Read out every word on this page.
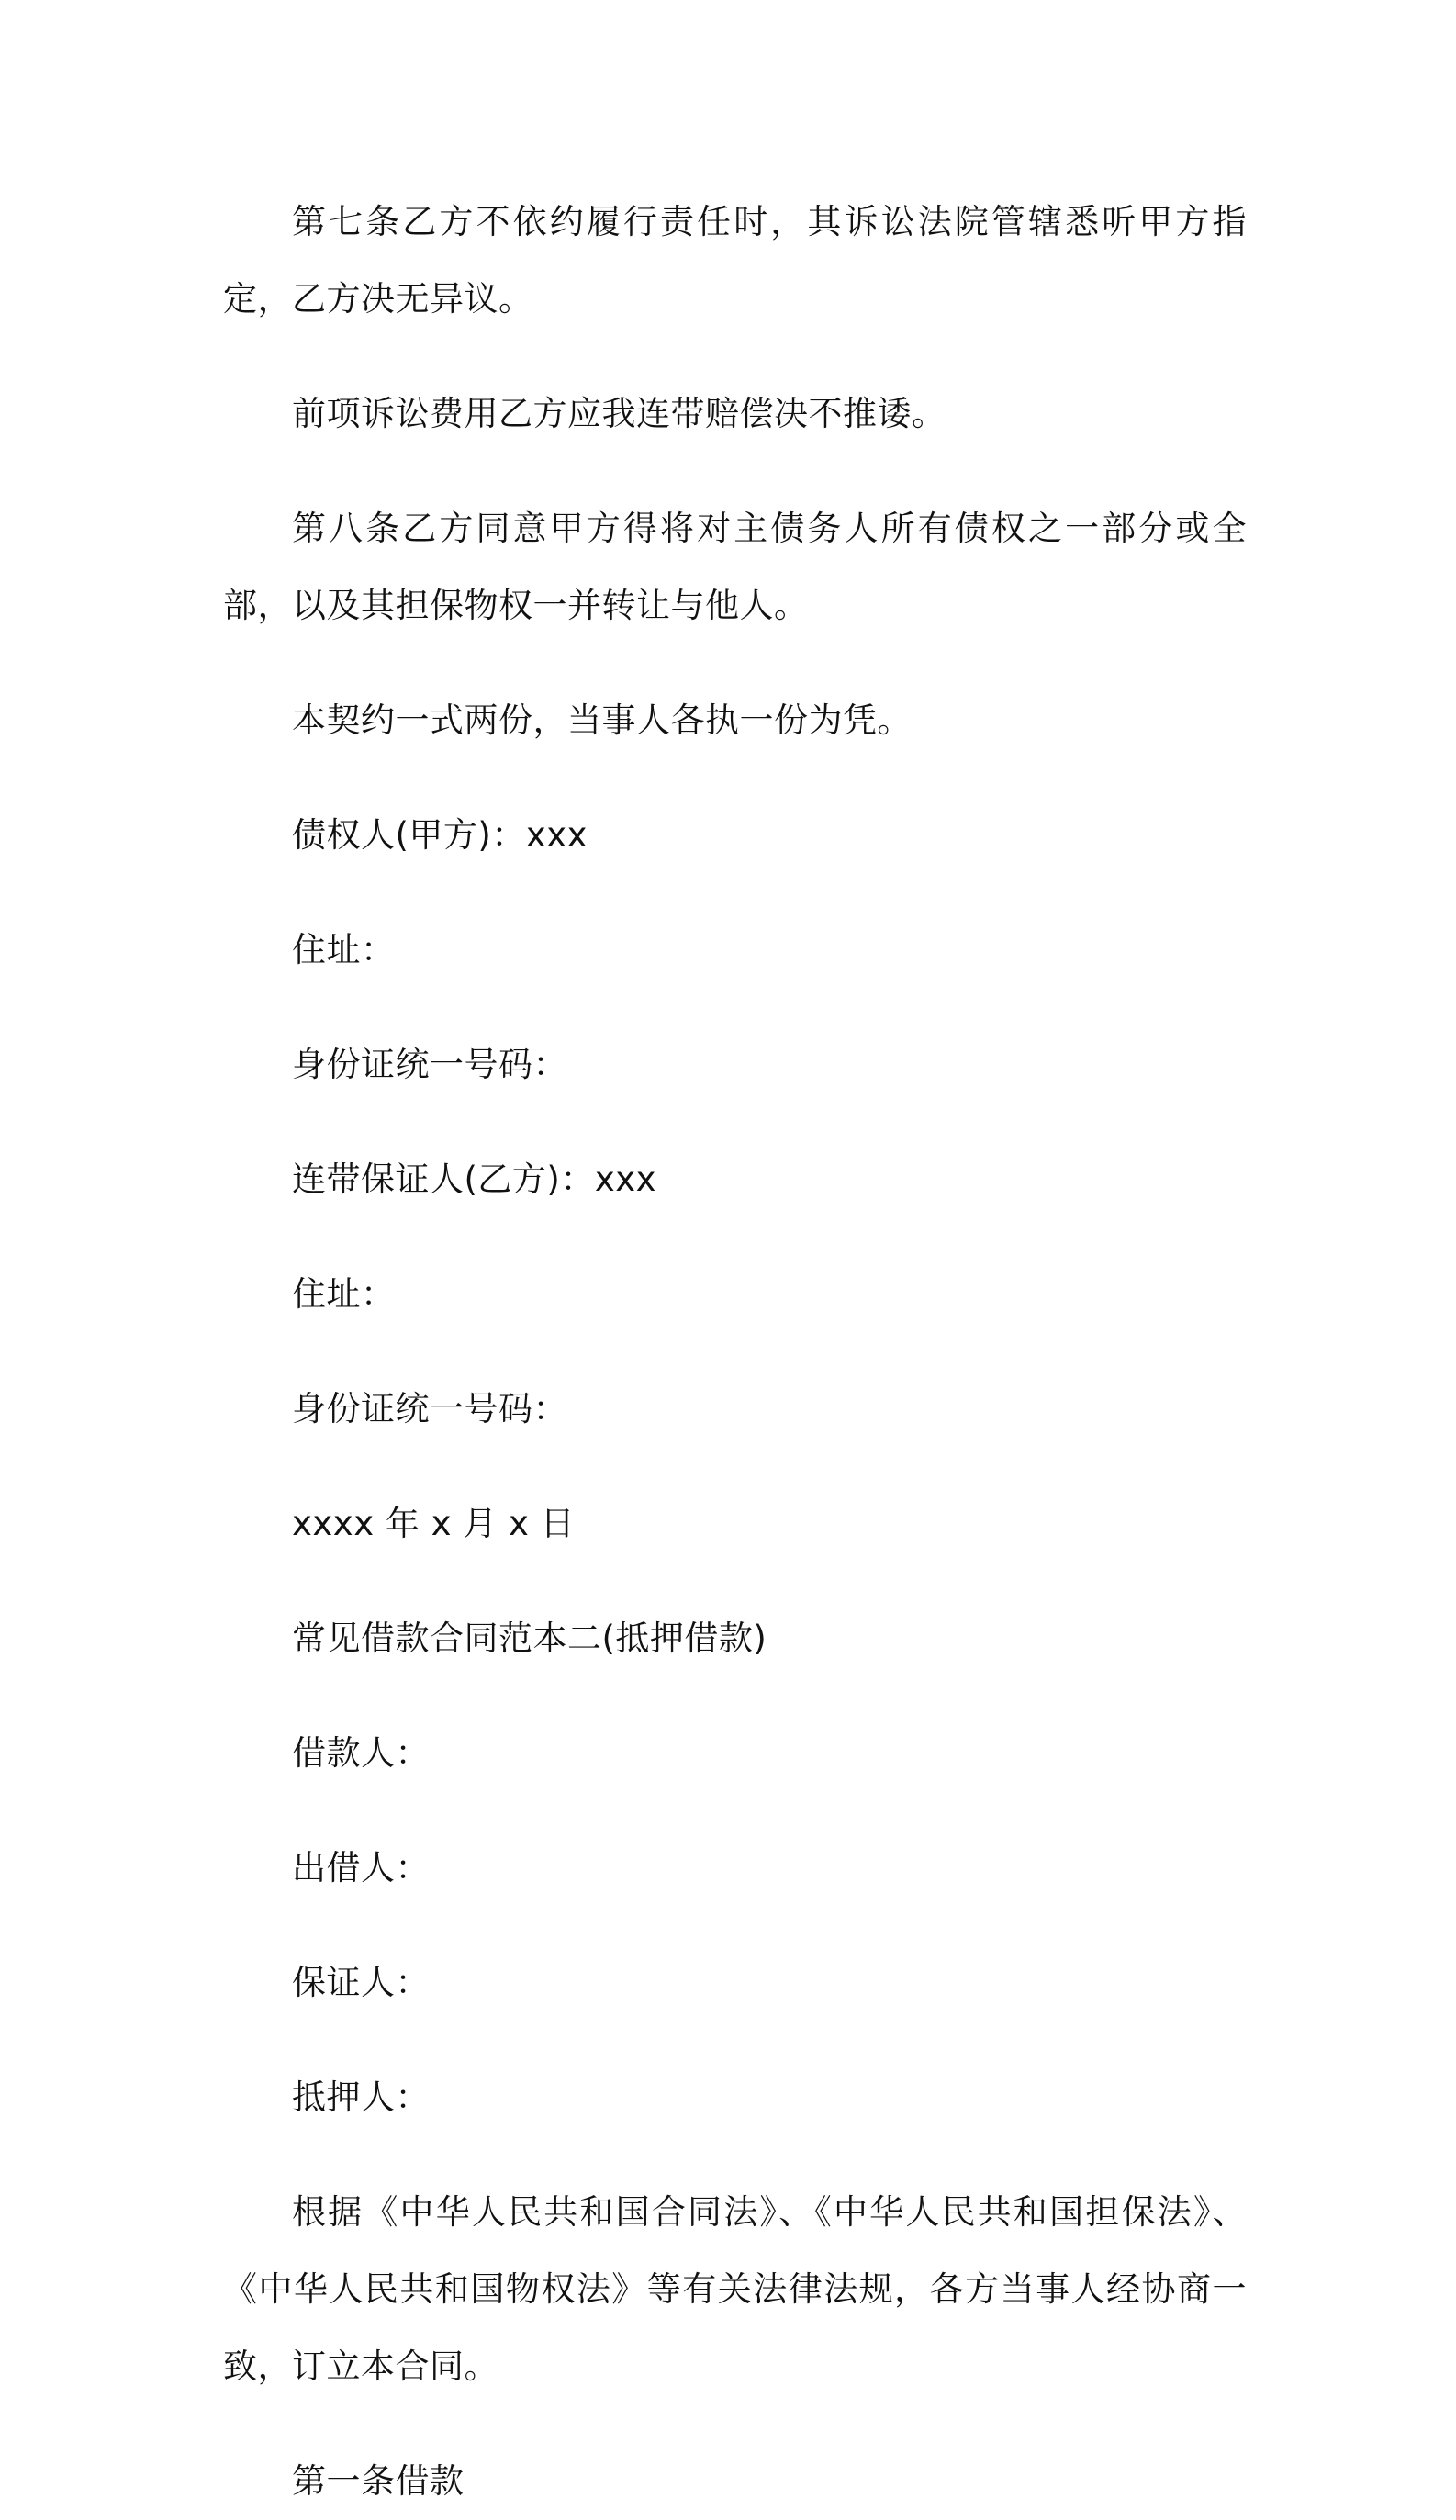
第七条乙方不依约履行责任时，其诉讼法院管辖悉听甲方指定，乙方决无异议。

前项诉讼费用乙方应我连带赔偿决不推诿。

第八条乙方同意甲方得将对主债务人所有债权之一部分或全部，以及其担保物权一并转让与他人。

本契约一式两份，当事人各执一份为凭。

债权人(甲方)：xxx

住址：

身份证统一号码：

连带保证人(乙方)：xxx

住址：

身份证统一号码：

xxxx 年 x 月 x 日

常见借款合同范本二(抵押借款)

借款人：

出借人：

保证人：

抵押人：

根据《中华人民共和国合同法》、《中华人民共和国担保法》、《中华人民共和国物权法》等有关法律法规，各方当事人经协商一致，订立本合同。

第一条借款
